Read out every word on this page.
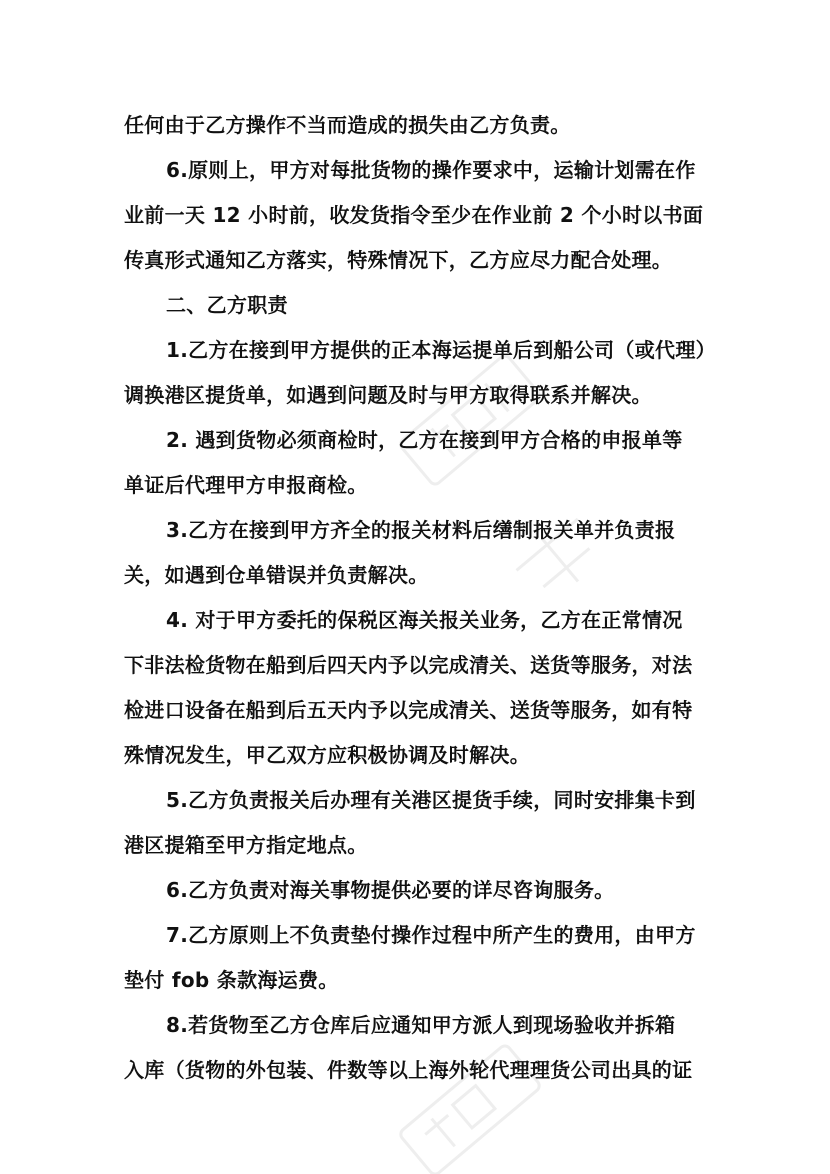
任何由于乙方操作不当而造成的损失由乙方负责。
6.原则上，甲方对每批货物的操作要求中，运输计划需在作
业前一天 12 小时前，收发货指令至少在作业前 2 个小时以书面
传真形式通知乙方落实，特殊情况下，乙方应尽力配合处理。
二、乙方职责
1.乙方在接到甲方提供的正本海运提单后到船公司（或代理）
调换港区提货单，如遇到问题及时与甲方取得联系并解决。
2. 遇到货物必须商检时，乙方在接到甲方合格的申报单等
单证后代理甲方申报商检。
3.乙方在接到甲方齐全的报关材料后缮制报关单并负责报
关，如遇到仓单错误并负责解决。
4. 对于甲方委托的保税区海关报关业务，乙方在正常情况
下非法检货物在船到后四天内予以完成清关、送货等服务，对法
检进口设备在船到后五天内予以完成清关、送货等服务，如有特
殊情况发生，甲乙双方应积极协调及时解决。
5.乙方负责报关后办理有关港区提货手续，同时安排集卡到
港区提箱至甲方指定地点。
6.乙方负责对海关事物提供必要的详尽咨询服务。
7.乙方原则上不负责垫付操作过程中所产生的费用，由甲方
垫付 fob 条款海运费。
8.若货物至乙方仓库后应通知甲方派人到现场验收并拆箱
入库（货物的外包装、件数等以上海外轮代理理货公司出具的证
